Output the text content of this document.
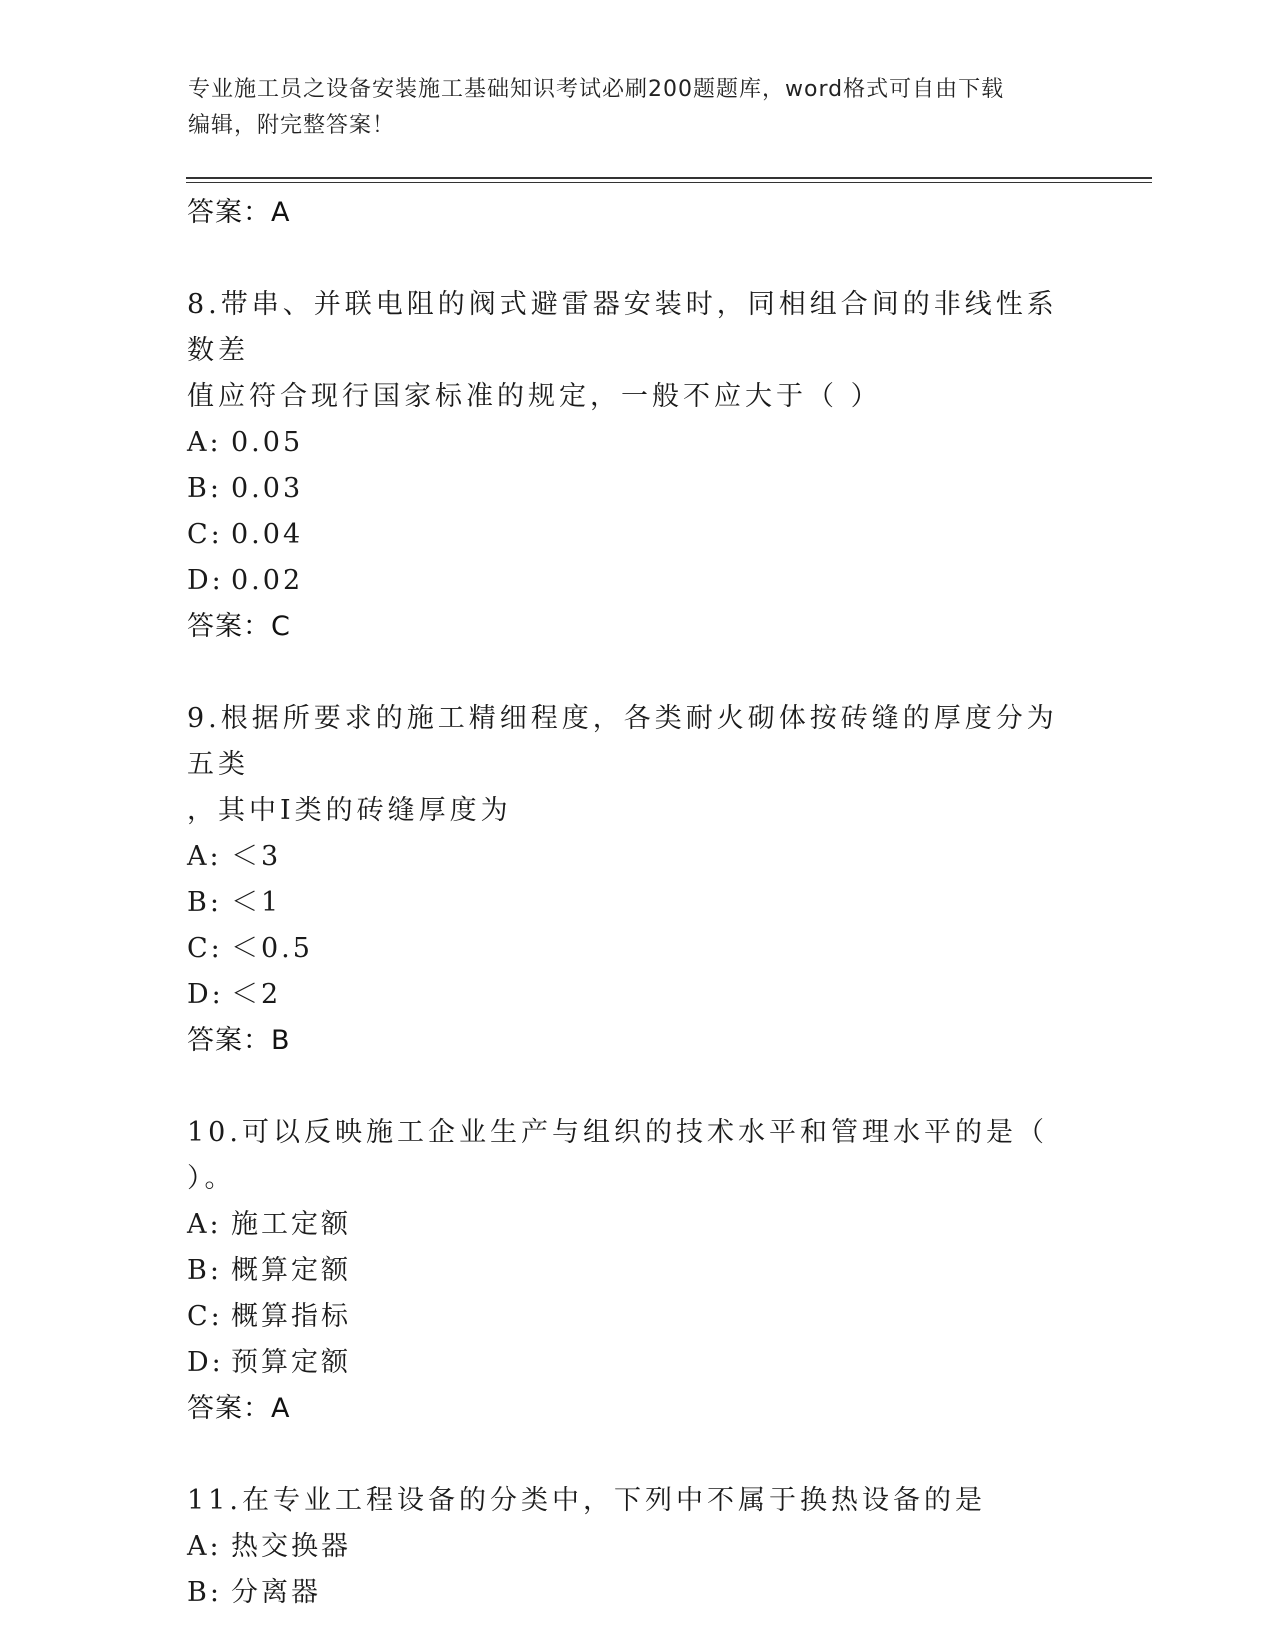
专业施工员之设备安装施工基础知识考试必刷200题题库，word格式可自由下载
编辑，附完整答案！
答案：A
8.带串、并联电阻的阀式避雷器安装时，同相组合间的非线性系数差
值应符合现行国家标准的规定，一般不应大于（ ）
A: 0.05
B: 0.03
C: 0.04
D: 0.02
答案：C
9.根据所要求的施工精细程度，各类耐火砌体按砖缝的厚度分为五类
，其中Ⅰ类的砖缝厚度为
A: ＜3
B: ＜1
C: ＜0.5
D: ＜2
答案：B
10.可以反映施工企业生产与组织的技术水平和管理水平的是（ ）。
A: 施工定额
B: 概算定额
C: 概算指标
D: 预算定额
答案：A
11.在专业工程设备的分类中，下列中不属于换热设备的是
A: 热交换器
B: 分离器
